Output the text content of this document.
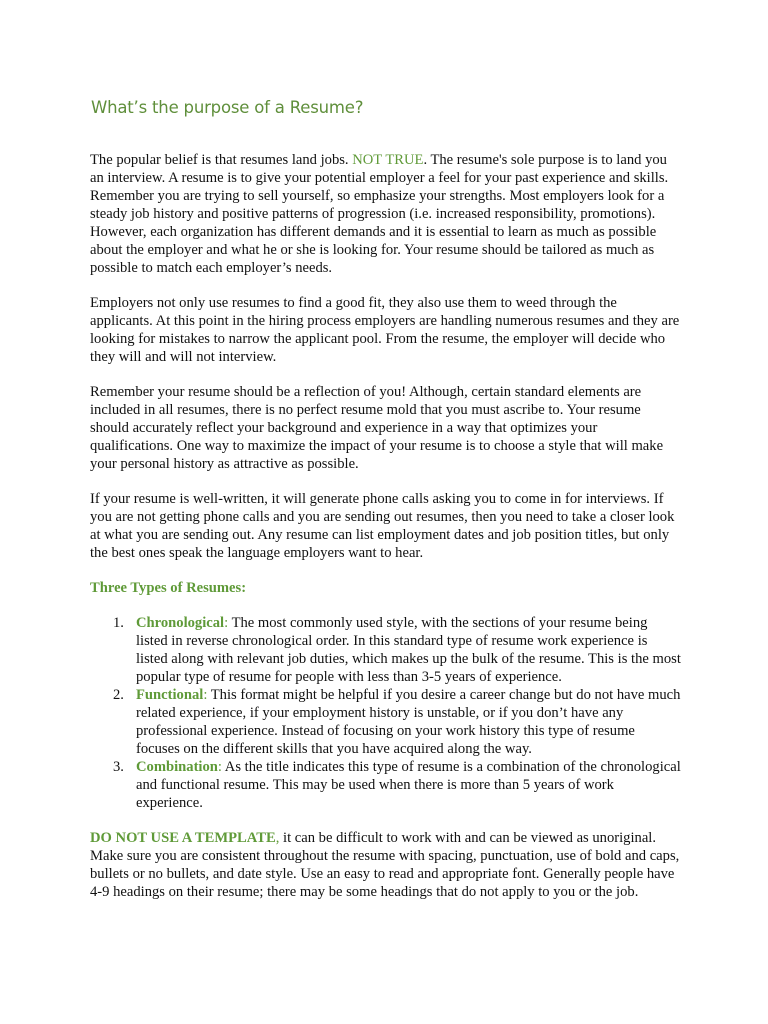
What’s the purpose of a Resume?

The popular belief is that resumes land jobs. NOT TRUE. The resume's sole purpose is to land you an interview. A resume is to give your potential employer a feel for your past experience and skills. Remember you are trying to sell yourself, so emphasize your strengths. Most employers look for a steady job history and positive patterns of progression (i.e. increased responsibility, promotions). However, each organization has different demands and it is essential to learn as much as possible about the employer and what he or she is looking for. Your resume should be tailored as much as possible to match each employer’s needs.

Employers not only use resumes to find a good fit, they also use them to weed through the applicants. At this point in the hiring process employers are handling numerous resumes and they are looking for mistakes to narrow the applicant pool. From the resume, the employer will decide who they will and will not interview.

Remember your resume should be a reflection of you! Although, certain standard elements are included in all resumes, there is no perfect resume mold that you must ascribe to. Your resume should accurately reflect your background and experience in a way that optimizes your qualifications. One way to maximize the impact of your resume is to choose a style that will make your personal history as attractive as possible.

If your resume is well-written, it will generate phone calls asking you to come in for interviews. If you are not getting phone calls and you are sending out resumes, then you need to take a closer look at what you are sending out. Any resume can list employment dates and job position titles, but only the best ones speak the language employers want to hear.

Three Types of Resumes:
1. Chronological: The most commonly used style, with the sections of your resume being listed in reverse chronological order. In this standard type of resume work experience is listed along with relevant job duties, which makes up the bulk of the resume. This is the most popular type of resume for people with less than 3-5 years of experience.
2. Functional: This format might be helpful if you desire a career change but do not have much related experience, if your employment history is unstable, or if you don’t have any professional experience. Instead of focusing on your work history this type of resume focuses on the different skills that you have acquired along the way.
3. Combination: As the title indicates this type of resume is a combination of the chronological and functional resume. This may be used when there is more than 5 years of work experience.

DO NOT USE A TEMPLATE, it can be difficult to work with and can be viewed as unoriginal. Make sure you are consistent throughout the resume with spacing, punctuation, use of bold and caps, bullets or no bullets, and date style. Use an easy to read and appropriate font. Generally people have 4-9 headings on their resume; there may be some headings that do not apply to you or the job.
